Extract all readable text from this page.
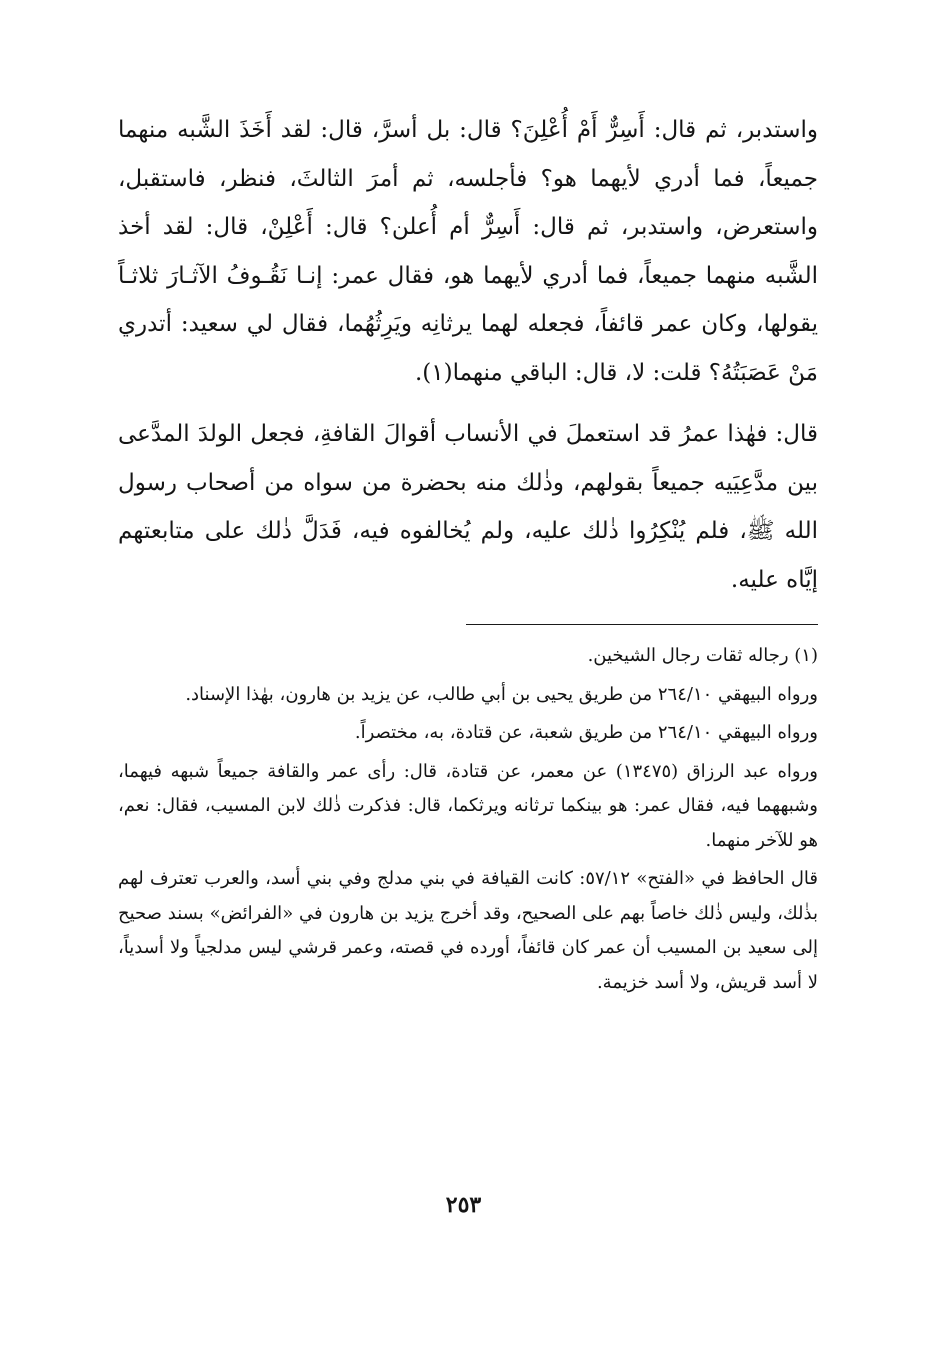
واستدبر، ثم قال: أَسِرٌّ أَمْ أُعْلِنَ؟ قال: بل أسرَّ، قال: لقد أَخَذَ الشَّبه منهما جميعاً، فما أدري لأيهما هو؟ فأجلسه، ثم أمرَ الثالثَ، فنظر، فاستقبل، واستعرض، واستدبر، ثم قال: أَسِرٌّ أم أُعلن؟ قال: أَعْلِنْ، قال: لقد أخذ الشَّبه منهما جميعاً، فما أدري لأيهما هو، فقال عمر: إنـا نَقُـوفُ الآثـارَ ثلاثـاً يقولها، وكان عمر قائفاً، فجعله لهما يرثانِه ويَرِثُهُما، فقال لي سعيد: أتدري مَنْ عَصَبَتُهُ؟ قلت: لا، قال: الباقي منهما(١).

قال: فهٰذا عمرُ قد استعملَ في الأنساب أقوالَ القافةِ، فجعل الولدَ المدَّعى بين مدَّعِيَيه جميعاً بقولهم، وذٰلك منه بحضرة من سواه من أصحاب رسول الله ﷺ، فلم يُنْكِرُوا ذٰلك عليه، ولم يُخالفوه فيه، فَدَلَّ ذٰلك على متابعتهم إيَّاه عليه.

(١) رجاله ثقات رجال الشيخين.

ورواه البيهقي ٢٦٤/١٠ من طريق يحيى بن أبي طالب، عن يزيد بن هارون، بهٰذا الإسناد.

ورواه البيهقي ٢٦٤/١٠ من طريق شعبة، عن قتادة، به، مختصراً.

ورواه عبد الرزاق (١٣٤٧٥) عن معمر، عن قتادة، قال: رأى عمر والقافة جميعاً شبهه فيهما، وشبههما فيه، فقال عمر: هو بينكما ترثانه ويرثكما، قال: فذكرت ذٰلك لابن المسيب، فقال: نعم، هو للآخر منهما.

قال الحافظ في «الفتح» ٥٧/١٢: كانت القيافة في بني مدلج وفي بني أسد، والعرب تعترف لهم بذٰلك، وليس ذٰلك خاصاً بهم على الصحيح، وقد أخرج يزيد بن هارون في «الفرائض» بسند صحيح إلى سعيد بن المسيب أن عمر كان قائفاً، أورده في قصته، وعمر قرشي ليس مدلجياً ولا أسدياً، لا أسد قريش، ولا أسد خزيمة.

٢٥٣
